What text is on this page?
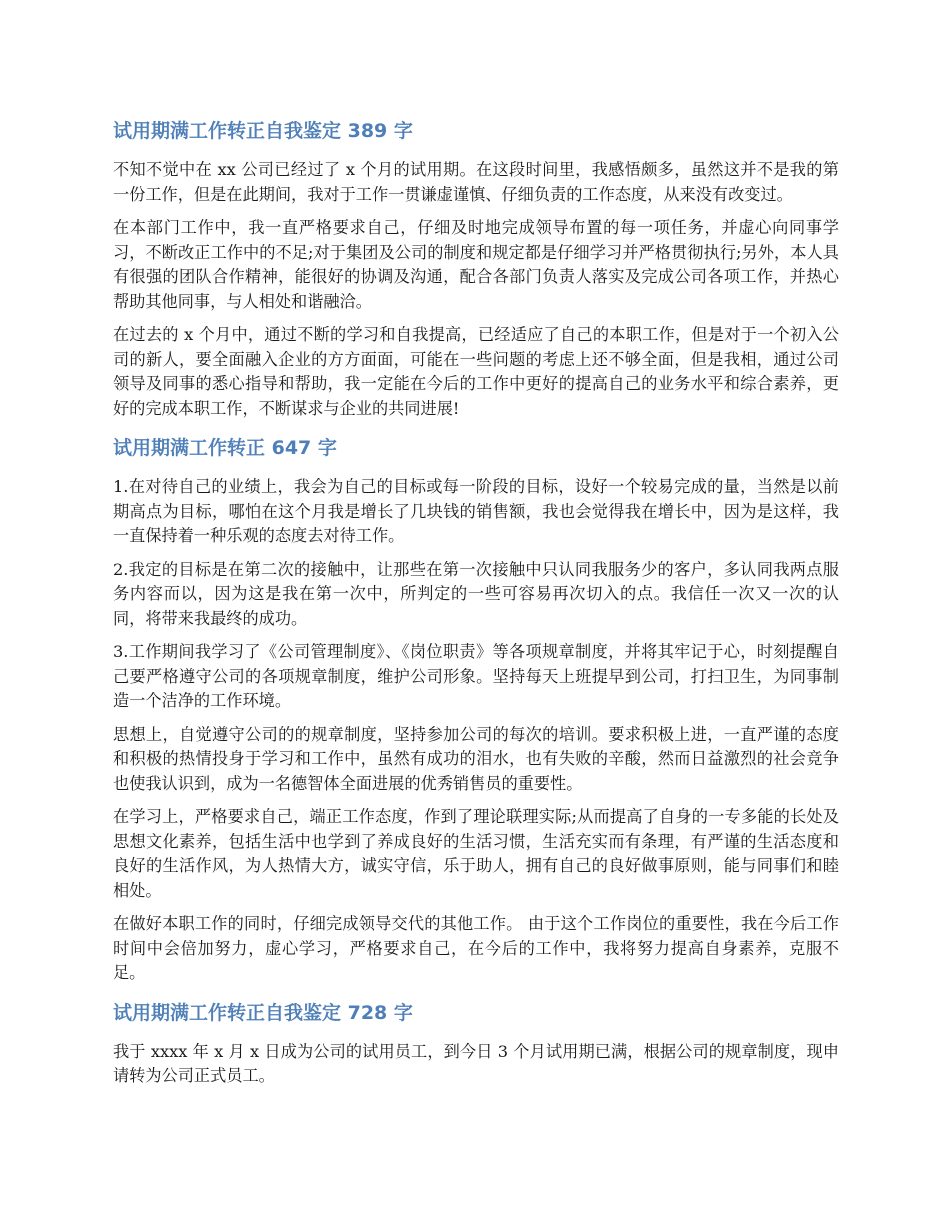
试用期满工作转正自我鉴定 389 字

不知不觉中在 xx 公司已经过了 x 个月的试用期。在这段时间里，我感悟颇多，虽然这并不是我的第一份工作，但是在此期间，我对于工作一贯谦虚谨慎、仔细负责的工作态度，从来没有改变过。

在本部门工作中，我一直严格要求自己，仔细及时地完成领导布置的每一项任务，并虚心向同事学习，不断改正工作中的不足;对于集团及公司的制度和规定都是仔细学习并严格贯彻执行;另外，本人具有很强的团队合作精神，能很好的协调及沟通，配合各部门负责人落实及完成公司各项工作，并热心帮助其他同事，与人相处和谐融洽。

在过去的 x 个月中，通过不断的学习和自我提高，已经适应了自己的本职工作，但是对于一个初入公司的新人，要全面融入企业的方方面面，可能在一些问题的考虑上还不够全面，但是我相，通过公司领导及同事的悉心指导和帮助，我一定能在今后的工作中更好的提高自己的业务水平和综合素养，更好的完成本职工作，不断谋求与企业的共同进展!

试用期满工作转正 647 字

1.在对待自己的业绩上，我会为自己的目标或每一阶段的目标，设好一个较易完成的量，当然是以前期高点为目标，哪怕在这个月我是增长了几块钱的销售额，我也会觉得我在增长中，因为是这样，我一直保持着一种乐观的态度去对待工作。

2.我定的目标是在第二次的接触中，让那些在第一次接触中只认同我服务少的客户，多认同我两点服务内容而以，因为这是我在第一次中，所判定的一些可容易再次切入的点。我信任一次又一次的认同，将带来我最终的成功。

3.工作期间我学习了《公司管理制度》、《岗位职责》等各项规章制度，并将其牢记于心，时刻提醒自己要严格遵守公司的各项规章制度，维护公司形象。坚持每天上班提早到公司，打扫卫生，为同事制造一个洁净的工作环境。

思想上，自觉遵守公司的的规章制度，坚持参加公司的每次的培训。要求积极上进，一直严谨的态度和积极的热情投身于学习和工作中，虽然有成功的泪水，也有失败的辛酸，然而日益激烈的社会竞争也使我认识到，成为一名德智体全面进展的优秀销售员的重要性。

在学习上，严格要求自己，端正工作态度，作到了理论联理实际;从而提高了自身的一专多能的长处及思想文化素养，包括生活中也学到了养成良好的生活习惯，生活充实而有条理，有严谨的生活态度和良好的生活作风，为人热情大方，诚实守信，乐于助人，拥有自己的良好做事原则，能与同事们和睦相处。

在做好本职工作的同时，仔细完成领导交代的其他工作。 由于这个工作岗位的重要性，我在今后工作时间中会倍加努力，虚心学习，严格要求自己，在今后的工作中，我将努力提高自身素养，克服不足。

试用期满工作转正自我鉴定 728 字

我于 xxxx 年 x 月 x 日成为公司的试用员工，到今日 3 个月试用期已满，根据公司的规章制度，现申请转为公司正式员工。
